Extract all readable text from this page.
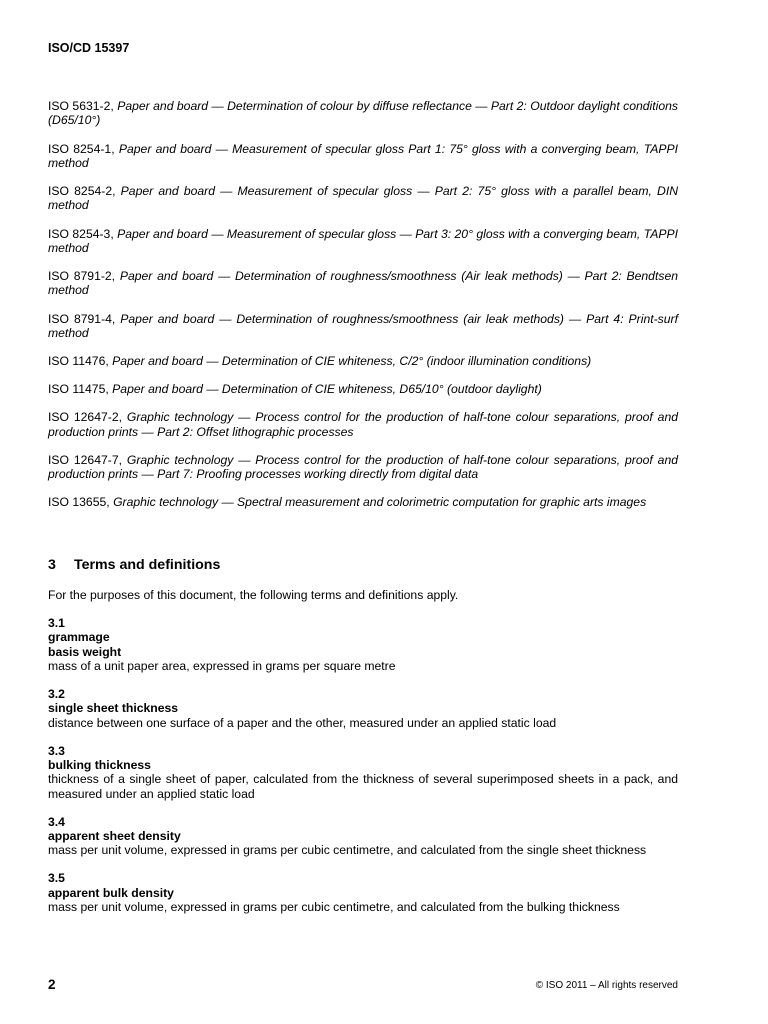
ISO/CD 15397
ISO 5631-2, Paper and board — Determination of colour by diffuse reflectance — Part 2: Outdoor daylight conditions (D65/10°)
ISO 8254-1, Paper and board — Measurement of specular gloss Part 1: 75° gloss with a converging beam, TAPPI method
ISO 8254-2, Paper and board — Measurement of specular gloss — Part 2: 75° gloss with a parallel beam, DIN method
ISO 8254-3, Paper and board — Measurement of specular gloss — Part 3: 20° gloss with a converging beam, TAPPI method
ISO 8791-2, Paper and board — Determination of roughness/smoothness (Air leak methods) — Part 2: Bendtsen method
ISO 8791-4, Paper and board — Determination of roughness/smoothness (air leak methods) — Part 4: Print-surf method
ISO 11476, Paper and board — Determination of CIE whiteness, C/2° (indoor illumination conditions)
ISO 11475, Paper and board — Determination of CIE whiteness, D65/10° (outdoor daylight)
ISO 12647-2, Graphic technology — Process control for the production of half-tone colour separations, proof and production prints — Part 2: Offset lithographic processes
ISO 12647-7, Graphic technology — Process control for the production of half-tone colour separations, proof and production prints — Part 7: Proofing processes working directly from digital data
ISO 13655, Graphic technology — Spectral measurement and colorimetric computation for graphic arts images
3 Terms and definitions
For the purposes of this document, the following terms and definitions apply.
3.1
grammage
basis weight
mass of a unit paper area, expressed in grams per square metre
3.2
single sheet thickness
distance between one surface of a paper and the other, measured under an applied static load
3.3
bulking thickness
thickness of a single sheet of paper, calculated from the thickness of several superimposed sheets in a pack, and measured under an applied static load
3.4
apparent sheet density
mass per unit volume, expressed in grams per cubic centimetre, and calculated from the single sheet thickness
3.5
apparent bulk density
mass per unit volume, expressed in grams per cubic centimetre, and calculated from the bulking thickness
2	© ISO 2011 – All rights reserved
